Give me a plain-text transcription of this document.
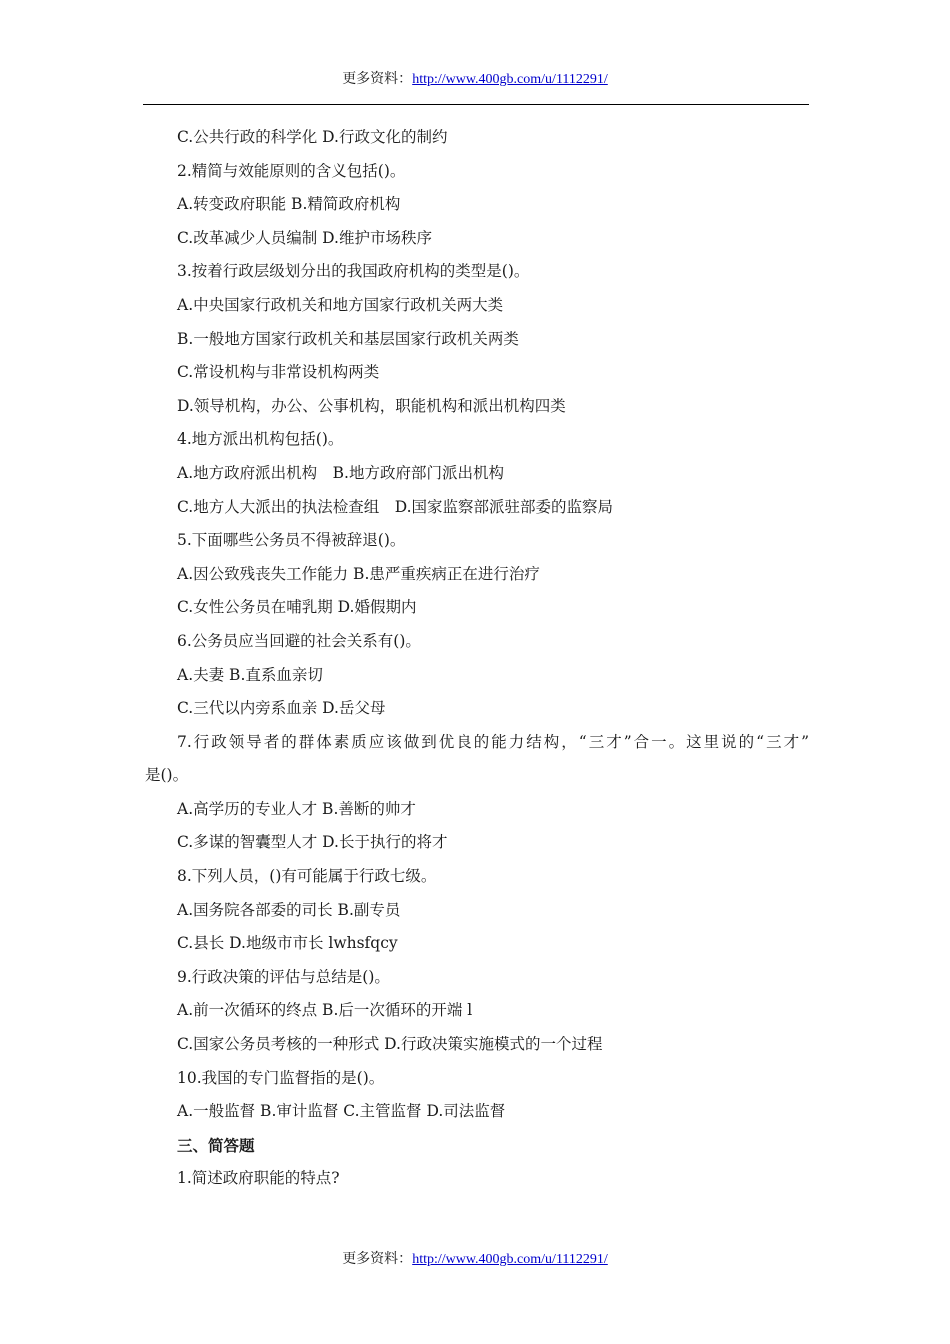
更多资料：http://www.400gb.com/u/1112291/
C.公共行政的科学化 D.行政文化的制约
2.精简与效能原则的含义包括()。
A.转变政府职能 B.精简政府机构
C.改革减少人员编制 D.维护市场秩序
3.按着行政层级划分出的我国政府机构的类型是()。
A.中央国家行政机关和地方国家行政机关两大类
B.一般地方国家行政机关和基层国家行政机关两类
C.常设机构与非常设机构两类
D.领导机构，办公、公事机构，职能机构和派出机构四类
4.地方派出机构包括()。
A.地方政府派出机构　B.地方政府部门派出机构
C.地方人大派出的执法检查组　D.国家监察部派驻部委的监察局
5.下面哪些公务员不得被辞退()。
A.因公致残丧失工作能力 B.患严重疾病正在进行治疗
C.女性公务员在哺乳期 D.婚假期内
6.公务员应当回避的社会关系有()。
A.夫妻 B.直系血亲切
C.三代以内旁系血亲 D.岳父母
7.行政领导者的群体素质应该做到优良的能力结构，“三才”合一。这里说的“三才”
是()。
A.高学历的专业人才 B.善断的帅才
C.多谋的智囊型人才 D.长于执行的将才
8.下列人员，()有可能属于行政七级。
A.国务院各部委的司长 B.副专员
C.县长 D.地级市市长 lwhsfqcy
9.行政决策的评估与总结是()。
A.前一次循环的终点 B.后一次循环的开端 l
C.国家公务员考核的一种形式 D.行政决策实施模式的一个过程
10.我国的专门监督指的是()。
A.一般监督 B.审计监督 C.主管监督 D.司法监督
三、简答题
1.简述政府职能的特点?
更多资料：http://www.400gb.com/u/1112291/
